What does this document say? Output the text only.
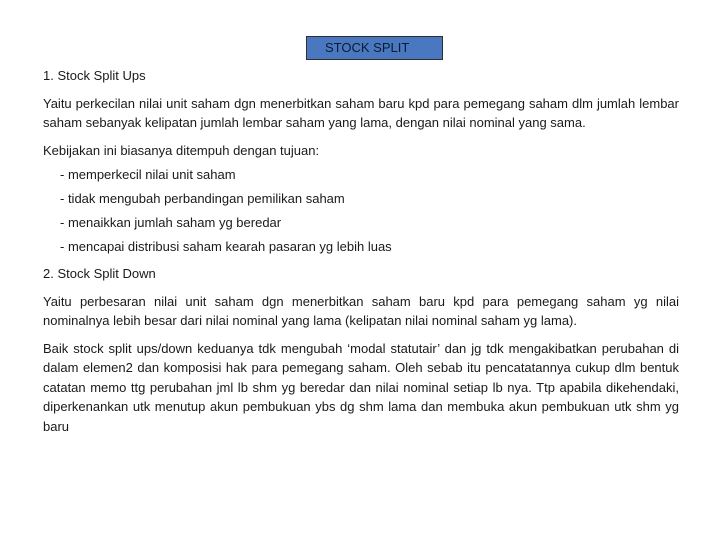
STOCK SPLIT

1. Stock Split Ups

Yaitu perkecilan nilai unit saham dgn menerbitkan saham baru kpd para pemegang saham dlm jumlah lembar saham sebanyak kelipatan jumlah lembar saham yang lama, dengan nilai nominal yang sama.

Kebijakan ini biasanya ditempuh dengan tujuan:

- memperkecil nilai unit saham
- tidak mengubah perbandingan pemilikan saham
- menaikkan jumlah saham yg beredar
- mencapai distribusi saham kearah pasaran yg lebih luas

2. Stock Split Down

Yaitu perbesaran nilai unit saham dgn menerbitkan saham baru kpd para pemegang saham yg nilai nominalnya lebih besar dari nilai nominal yang lama (kelipatan nilai nominal saham yg lama).

Baik stock split ups/down keduanya tdk mengubah ‘modal statutair’ dan jg tdk mengakibatkan perubahan di dalam elemen2 dan komposisi hak para pemegang saham. Oleh sebab itu pencatatannya cukup dlm bentuk catatan memo ttg perubahan jml lb shm yg beredar dan nilai nominal setiap lb nya. Ttp apabila dikehendaki, diperkenankan utk menutup akun pembukuan ybs dg shm lama dan membuka akun pembukuan utk shm yg baru
